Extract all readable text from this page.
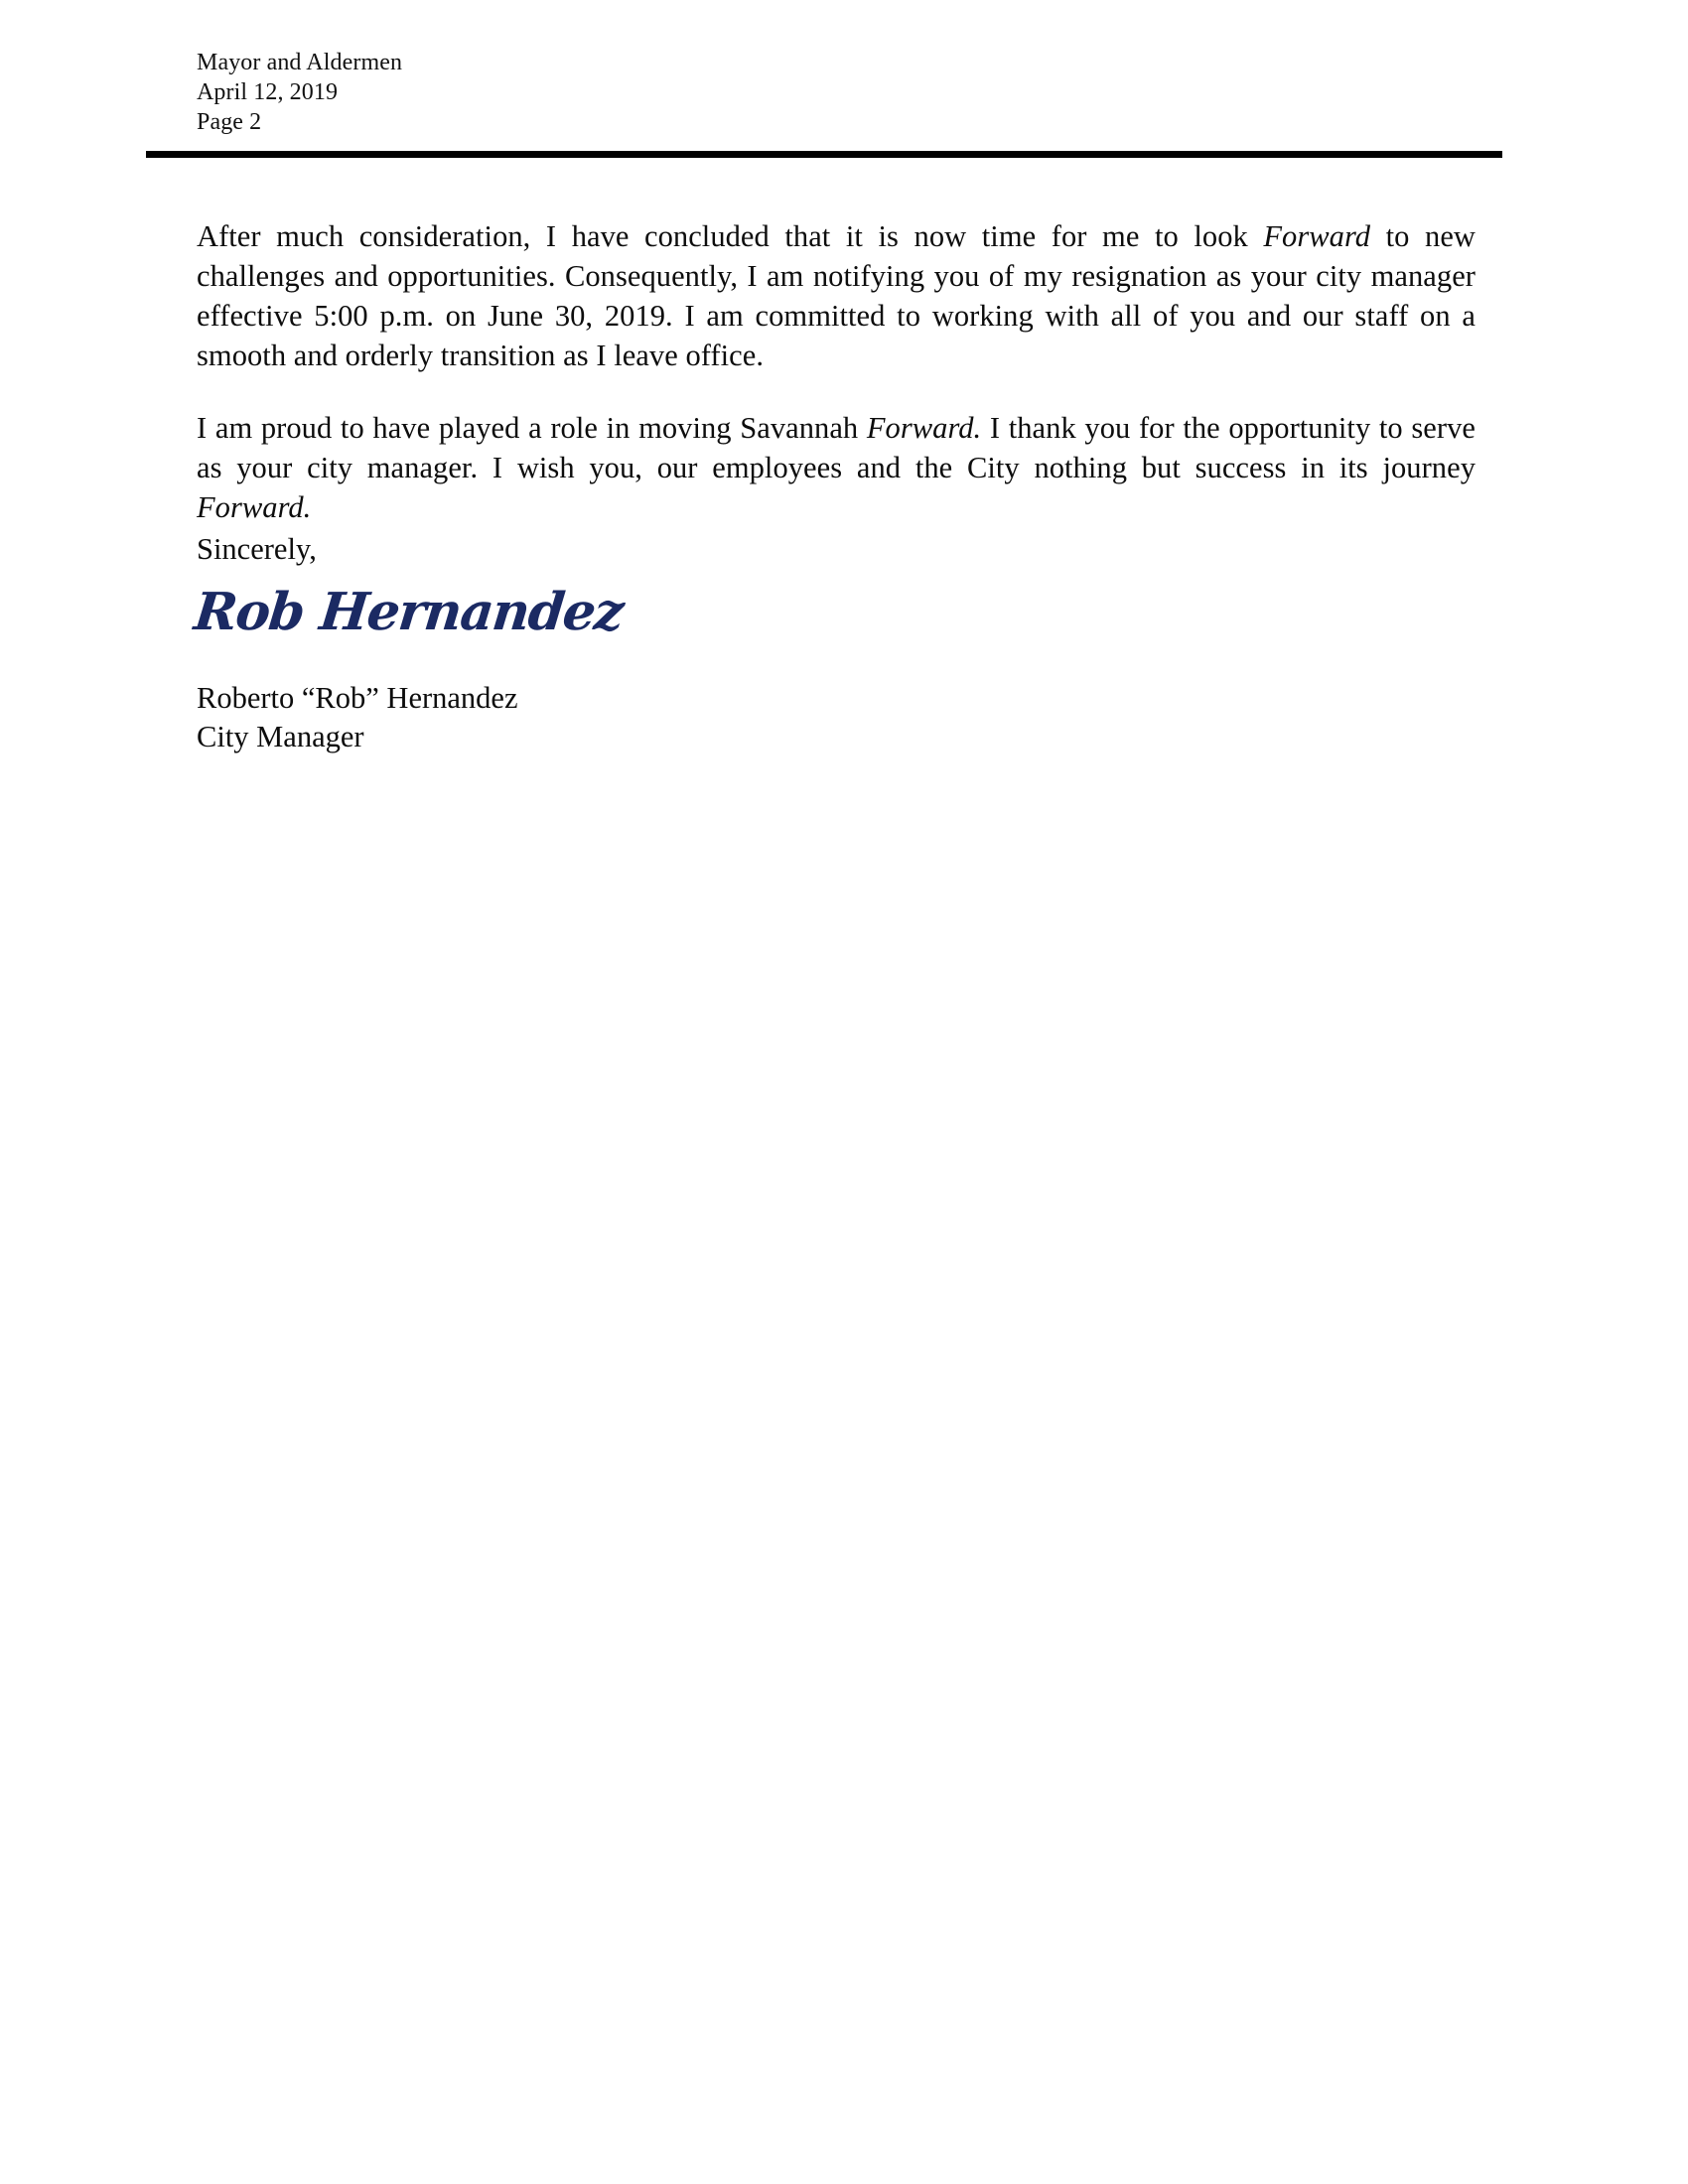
Mayor and Aldermen
April 12, 2019
Page 2

After much consideration, I have concluded that it is now time for me to look Forward to new challenges and opportunities. Consequently, I am notifying you of my resignation as your city manager effective 5:00 p.m. on June 30, 2019. I am committed to working with all of you and our staff on a smooth and orderly transition as I leave office.

I am proud to have played a role in moving Savannah Forward. I thank you for the opportunity to serve as your city manager. I wish you, our employees and the City nothing but success in its journey Forward.

Sincerely,
Rob Hernandez
Roberto “Rob” Hernandez
City Manager
